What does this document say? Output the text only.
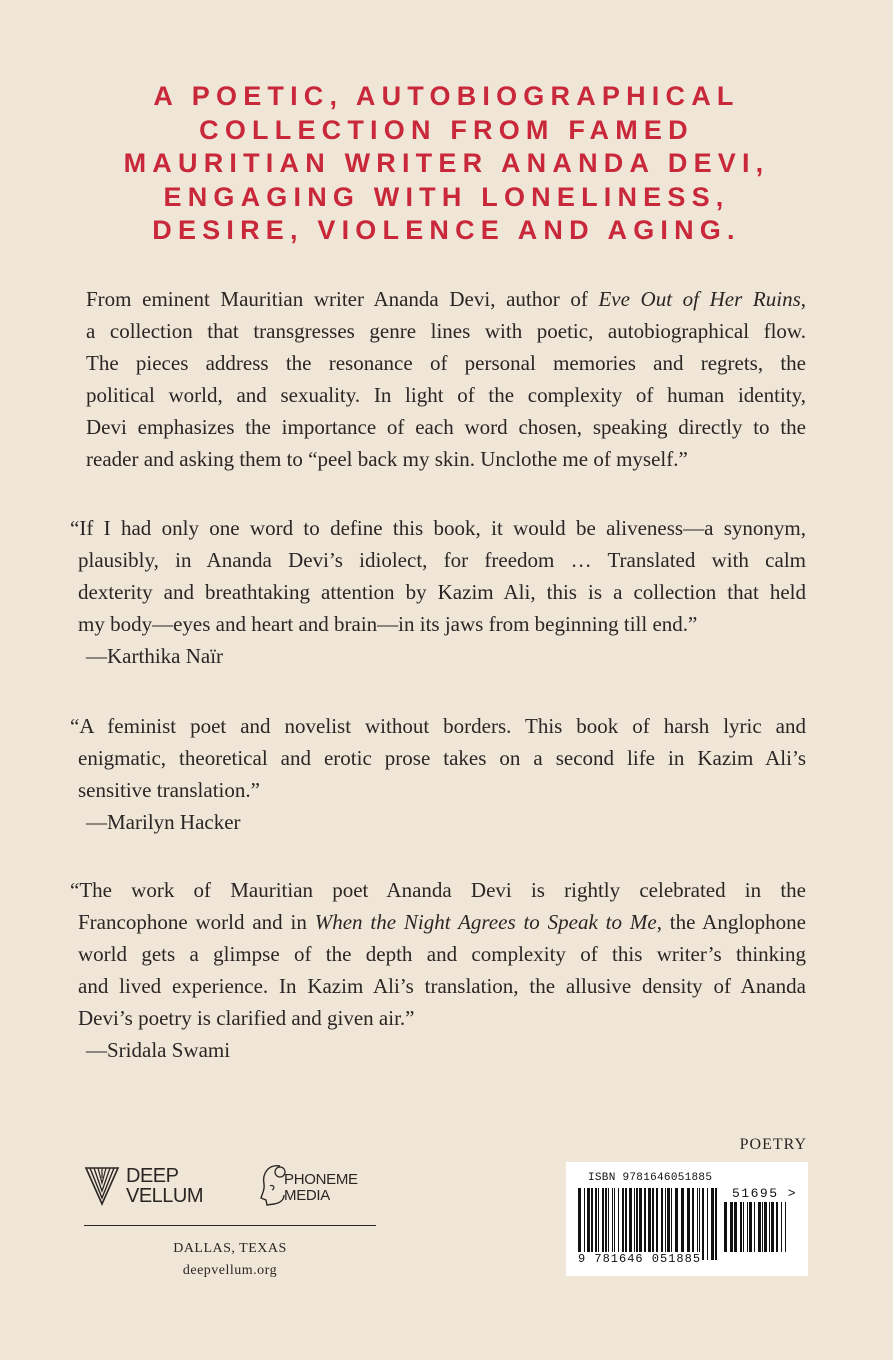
A POETIC, AUTOBIOGRAPHICAL
COLLECTION FROM FAMED
MAURITIAN WRITER ANANDA DEVI,
ENGAGING WITH LONELINESS,
DESIRE, VIOLENCE AND AGING.

From eminent Mauritian writer Ananda Devi, author of Eve Out of Her Ruins,
a collection that transgresses genre lines with poetic, autobiographical flow.
The pieces address the resonance of personal memories and regrets, the
political world, and sexuality. In light of the complexity of human identity,
Devi emphasizes the importance of each word chosen, speaking directly to the
reader and asking them to “peel back my skin. Unclothe me of myself.”

“If I had only one word to define this book, it would be aliveness—a synonym,
plausibly, in Ananda Devi’s idiolect, for freedom … Translated with calm
dexterity and breathtaking attention by Kazim Ali, this is a collection that held
my body—eyes and heart and brain—in its jaws from beginning till end.”
—Karthika Naïr

“A feminist poet and novelist without borders. This book of harsh lyric and
enigmatic, theoretical and erotic prose takes on a second life in Kazim Ali’s
sensitive translation.”
—Marilyn Hacker

“The work of Mauritian poet Ananda Devi is rightly celebrated in the
Francophone world and in When the Night Agrees to Speak to Me, the Anglophone
world gets a glimpse of the depth and complexity of this writer’s thinking
and lived experience. In Kazim Ali’s translation, the allusive density of Ananda
Devi’s poetry is clarified and given air.”
—Sridala Swami

POETRY
DEEP
VELLUM
PHONEME
MEDIA
DALLAS, TEXAS
deepvellum.org
ISBN 9781646051885
9 781646 051885
51695 >
